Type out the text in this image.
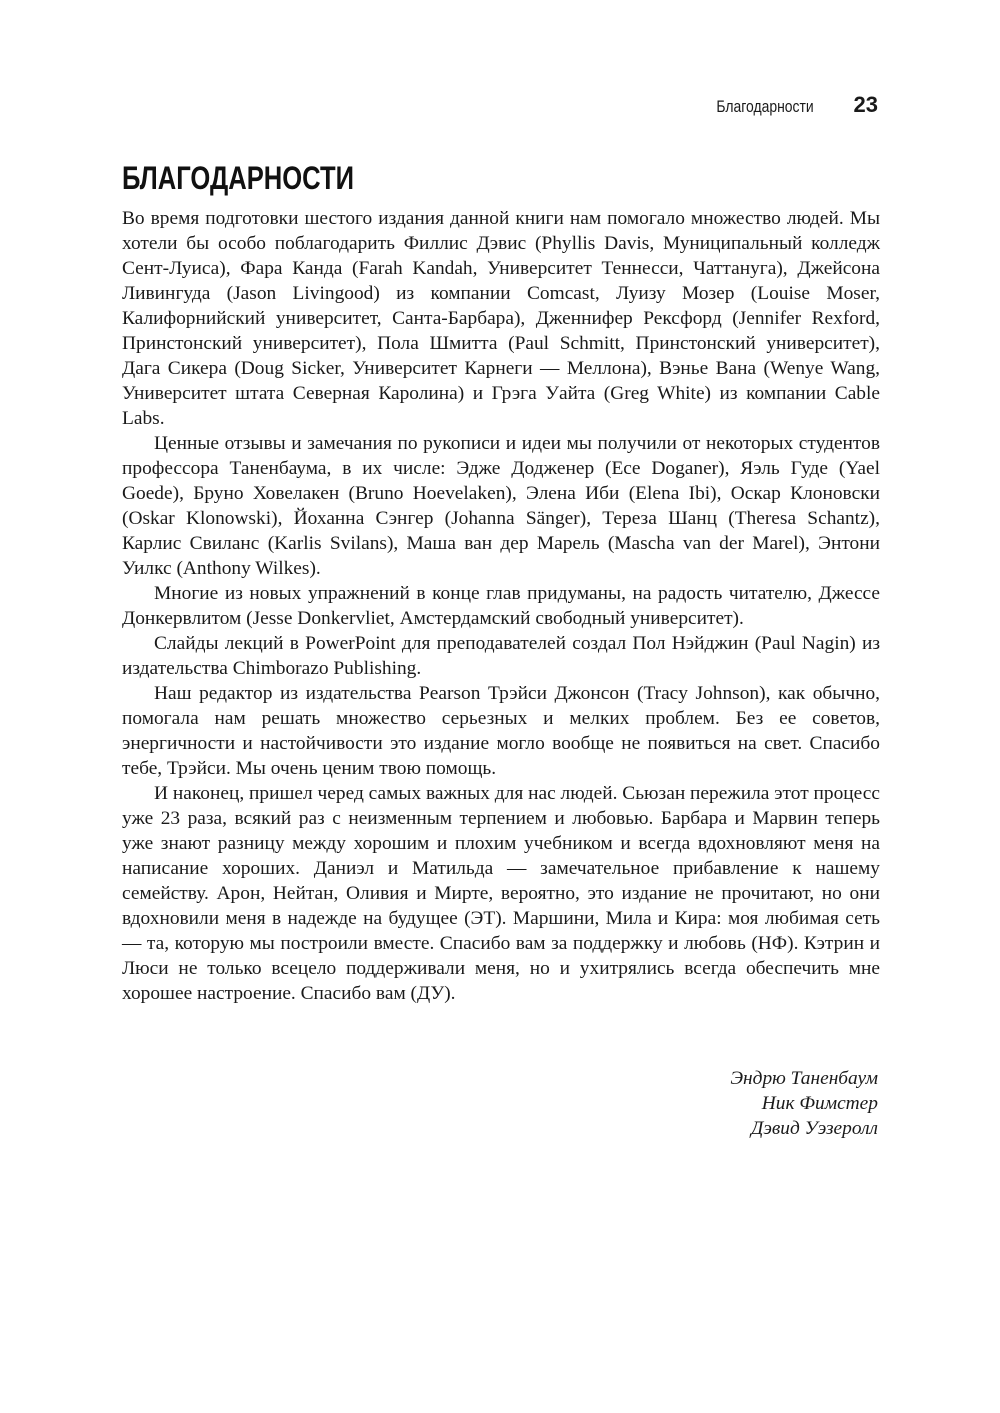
Благодарности 23
БЛАГОДАРНОСТИ

Во время подготовки шестого издания данной книги нам помогало множество людей. Мы хотели бы особо поблагодарить Филлис Дэвис (Phyllis Davis, Муниципальный колледж Сент-Луиса), Фара Канда (Farah Kandah, Университет Теннесси, Чаттануга), Джейсона Ливингуда (Jason Livingood) из компании Comcast, Луизу Мозер (Louise Moser, Калифорнийский университет, Санта-Барбара), Дженнифер Рексфорд (Jennifer Rexford, Принстонский университет), Пола Шмитта (Paul Schmitt, Принстонский университет), Дага Сикера (Doug Sicker, Университет Карнеги — Меллона), Вэнье Вана (Wenye Wang, Университет штата Северная Каролина) и Грэга Уайта (Greg White) из компании Cable Labs.

Ценные отзывы и замечания по рукописи и идеи мы получили от некоторых студентов профессора Таненбаума, в их числе: Эдже Доджeнер (Ece Doganer), Яэль Гуде (Yael Goede), Бруно Ховелакен (Bruno Hoevelaken), Элена Иби (Elena Ibi), Оскар Клоновски (Oskar Klonowski), Йоханна Сэнгер (Johanna Sänger), Тереза Шанц (Theresa Schantz), Карлис Свиланс (Karlis Svilans), Маша ван дер Марель (Mascha van der Marel), Энтони Уилкс (Anthony Wilkes).

Многие из новых упражнений в конце глав придуманы, на радость читателю, Джессе Донкервлитом (Jesse Donkervliet, Амстердамский свободный университет).

Слайды лекций в PowerPoint для преподавателей создал Пол Нэйджин (Paul Nagin) из издательства Chimborazo Publishing.

Наш редактор из издательства Pearson Трэйси Джонсон (Tracy Johnson), как обычно, помогала нам решать множество серьезных и мелких проблем. Без ее советов, энергичности и настойчивости это издание могло вообще не появиться на свет. Спасибо тебе, Трэйси. Мы очень ценим твою помощь.

И наконец, пришел черед самых важных для нас людей. Сьюзан пережила этот процесс уже 23 раза, всякий раз с неизменным терпением и любовью. Барбара и Марвин теперь уже знают разницу между хорошим и плохим учебником и всегда вдохновляют меня на написание хороших. Даниэл и Матильда — замечательное прибавление к нашему семейству. Арон, Нейтан, Оливия и Мирте, вероятно, это издание не прочитают, но они вдохновили меня в надежде на будущее (ЭТ). Маршини, Мила и Кира: моя любимая сеть — та, которую мы построили вместе. Спасибо вам за поддержку и любовь (НФ). Кэтрин и Люси не только всецело поддерживали меня, но и ухитрялись всегда обеспечить мне хорошее настроение. Спасибо вам (ДУ).

Эндрю Таненбаум
Ник Фимстер
Дэвид Уэзеролл
